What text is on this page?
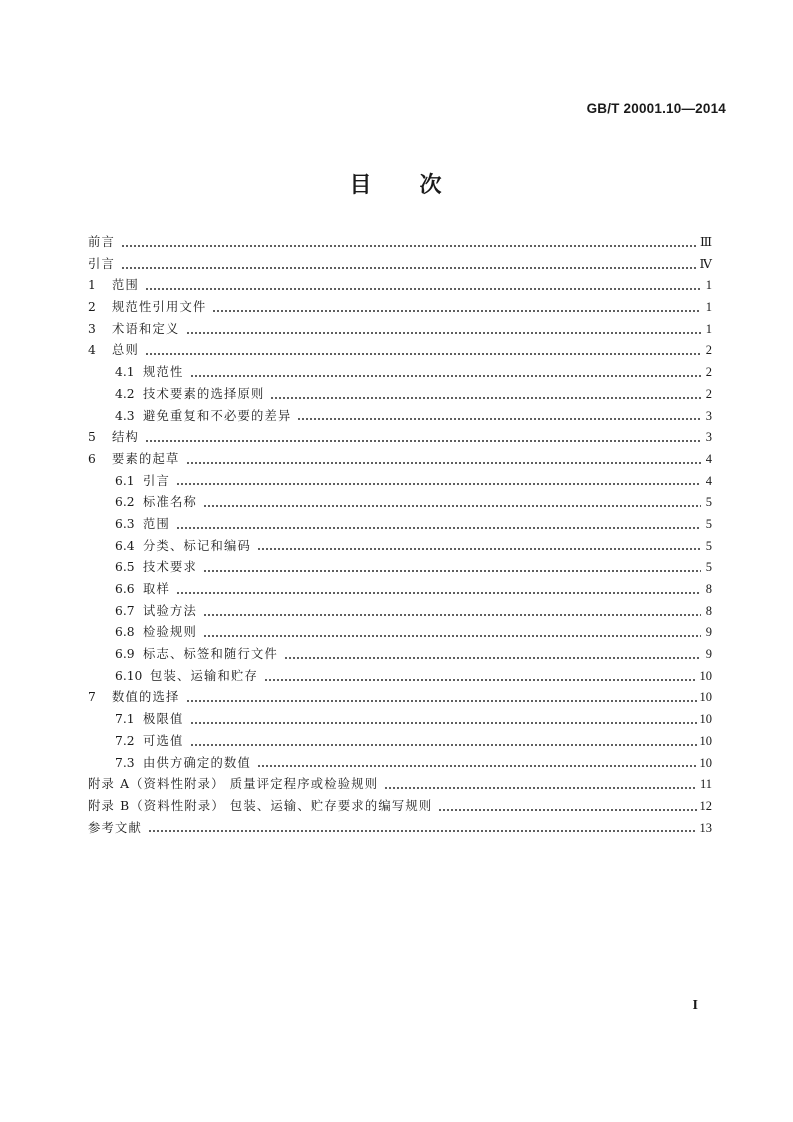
GB/T 20001.10—2014
目 次
前言	Ⅲ
引言	Ⅳ
1	范围	1
2	规范性引用文件	1
3	术语和定义	1
4	总则	2
4.1 规范性	2
4.2 技术要素的选择原则	2
4.3 避免重复和不必要的差异	3
5	结构	3
6	要素的起草	4
6.1 引言	4
6.2 标准名称	5
6.3 范围	5
6.4 分类、标记和编码	5
6.5 技术要求	5
6.6 取样	8
6.7 试验方法	8
6.8 检验规则	9
6.9 标志、标签和随行文件	9
6.10 包装、运输和贮存	10
7	数值的选择	10
7.1 极限值	10
7.2 可选值	10
7.3 由供方确定的数值	10
附录 A（资料性附录） 质量评定程序或检验规则	11
附录 B（资料性附录） 包装、运输、贮存要求的编写规则	12
参考文献	13
I
